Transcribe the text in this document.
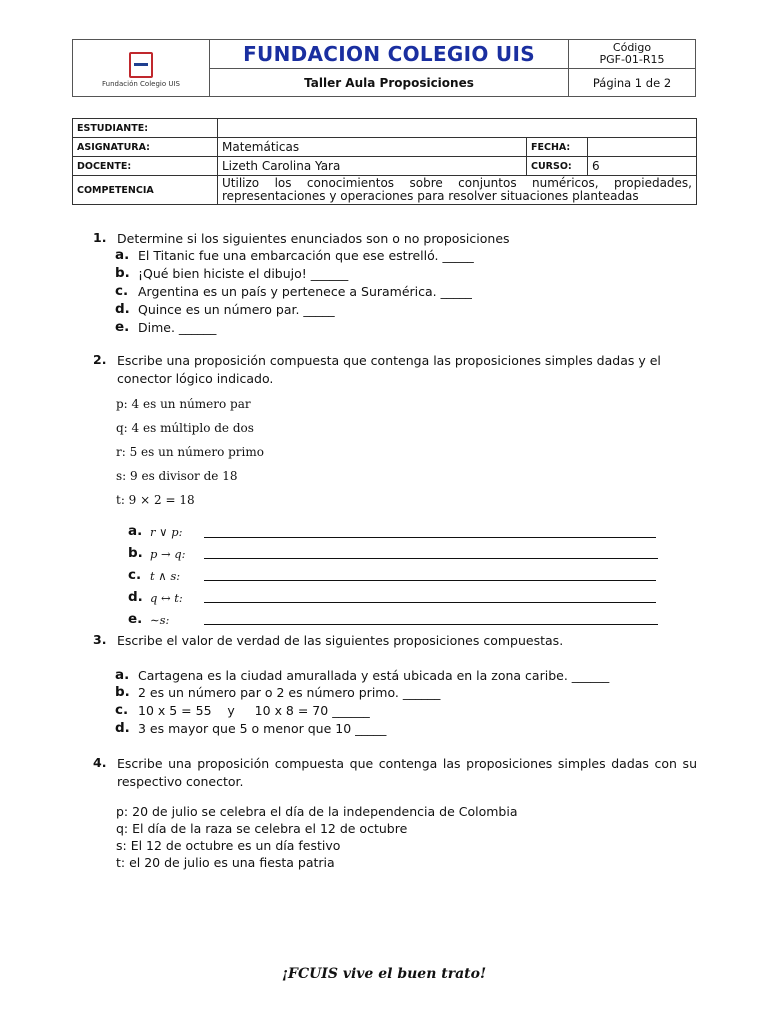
Fundación Colegio UIS	FUNDACION COLEGIO UIS	Código
PGF-01-R15

	Taller Aula Proposiciones	Página 1 de 2
ESTUDIANTE:			
ASIGNATURA:	Matemáticas	FECHA:	
DOCENTE:	Lizeth Carolina Yara	CURSO:	6
COMPETENCIA	Utilizo los conocimientos sobre conjuntos numéricos, propiedades,
representaciones y operaciones para resolver situaciones planteadas		
1. Determine si los siguientes enunciados son o no proposiciones
a. El Titanic fue una embarcación que ese estrelló. _____
b. ¡Qué bien hiciste el dibujo! ______
c. Argentina es un país y pertenece a Suramérica. _____
d. Quince es un número par. _____
e. Dime. ______
2. Escribe una proposición compuesta que contenga las proposiciones simples dadas y el
conector lógico indicado.
p: 4 es un número par
q: 4 es múltiplo de dos
r: 5 es un número primo
s: 9 es divisor de 18
t: 9 × 2 = 18
a. r ∨ p:
b. p → q:
c. t ∧ s:
d. q ↔ t:
e. ∼s:
3. Escribe el valor de verdad de las siguientes proposiciones compuestas.
a. Cartagena es la ciudad amurallada y está ubicada en la zona caribe. ______
b. 2 es un número par o 2 es número primo. ______
c. 10 x 5 = 55    y     10 x 8 = 70 ______
d. 3 es mayor que 5 o menor que 10 _____
4. Escribe una proposición compuesta que contenga las proposiciones simples dadas con su
respectivo conector.
p: 20 de julio se celebra el día de la independencia de Colombia
q: El día de la raza se celebra el 12 de octubre
s: El 12 de octubre es un día festivo
t: el 20 de julio es una fiesta patria
¡FCUIS vive el buen trato!
